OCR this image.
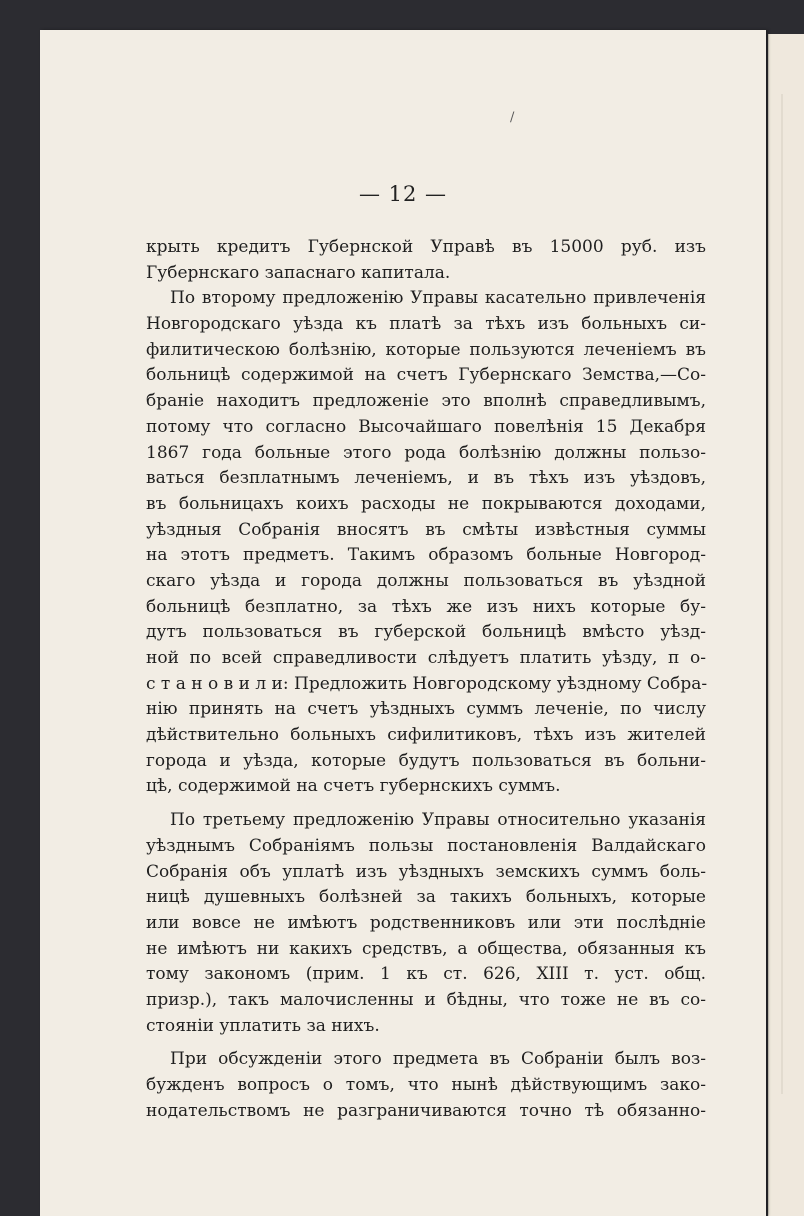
/
— 12 —
крыть кредитъ Губернской Управѣ въ 15000 руб. изъ
Губернскаго запаснаго капитала.
По второму предложенію Управы касательно привлеченія
Новгородскаго уѣзда къ платѣ за тѣхъ изъ больныхъ си-
филитическою болѣзнію, которые пользуются леченіемъ въ
больницѣ содержимой на счетъ Губернскаго Земства,—Со-
браніе находитъ предложеніе это вполнѣ справедливымъ,
потому что согласно Высочайшаго повелѣнія 15 Декабря
1867 года больные этого рода болѣзнію должны пользо-
ваться безплатнымъ леченіемъ, и въ тѣхъ изъ уѣздовъ,
въ больницахъ коихъ расходы не покрываются доходами,
уѣздныя Собранія вносятъ въ смѣты извѣстныя суммы
на этотъ предметъ. Такимъ образомъ больные Новгород-
скаго уѣзда и города должны пользоваться въ уѣздной
больницѣ безплатно, за тѣхъ же изъ нихъ которые бу-
дутъ пользоваться въ губерской больницѣ вмѣсто уѣзд-
ной по всей справедливости слѣдуетъ платить уѣзду, п о-
с т а н о в и л и: Предложить Новгородскому уѣздному Собра-
нію принять на счетъ уѣздныхъ суммъ леченіе, по числу
дѣйствительно больныхъ сифилитиковъ, тѣхъ изъ жителей
города и уѣзда, которые будутъ пользоваться въ больни-
цѣ, содержимой на счетъ губернскихъ суммъ.
По третьему предложенію Управы относительно указанія
уѣзднымъ Собраніямъ пользы постановленія Валдайскаго
Собранія объ уплатѣ изъ уѣздныхъ земскихъ суммъ боль-
ницѣ душевныхъ болѣзней за такихъ больныхъ, которые
или вовсе не имѣютъ родственниковъ или эти послѣдніе
не имѣютъ ни какихъ средствъ, а общества, обязанныя къ
тому закономъ (прим. 1 къ ст. 626, XIII т. уст. общ.
призр.), такъ малочисленны и бѣдны, что тоже не въ со-
стояніи уплатить за нихъ.
При обсужденіи этого предмета въ Собраніи былъ воз-
бужденъ вопросъ о томъ, что нынѣ дѣйствующимъ зако-
нодательствомъ не разграничиваются точно тѣ обязанно-
